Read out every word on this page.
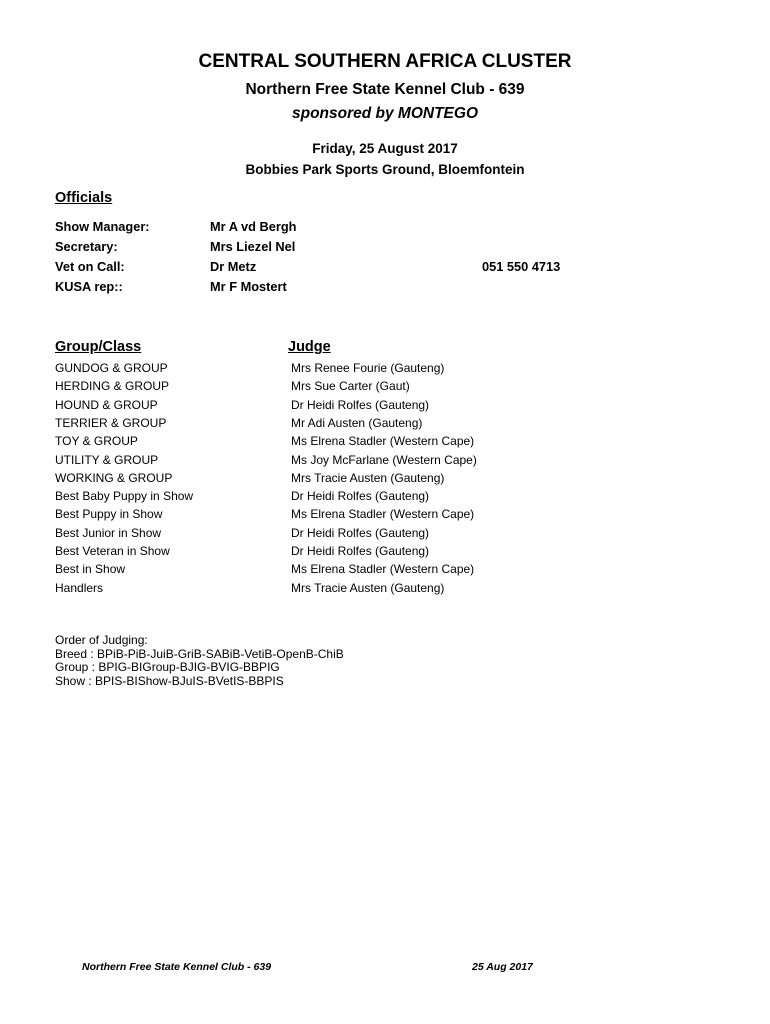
CENTRAL SOUTHERN AFRICA CLUSTER
Northern Free State Kennel Club - 639
sponsored by MONTEGO
Friday, 25 August 2017
Bobbies Park Sports Ground, Bloemfontein
Officials
Show Manager:	Mr A vd Bergh
Secretary:	Mrs Liezel Nel
Vet on Call:	Dr Metz	051 550 4713
KUSA rep::	Mr F Mostert
Group/Class	Judge
GUNDOG & GROUP	Mrs Renee Fourie (Gauteng)
HERDING & GROUP	Mrs Sue Carter (Gaut)
HOUND & GROUP	Dr Heidi Rolfes (Gauteng)
TERRIER & GROUP	Mr Adi Austen (Gauteng)
TOY & GROUP	Ms Elrena Stadler (Western Cape)
UTILITY & GROUP	Ms Joy McFarlane (Western Cape)
WORKING & GROUP	Mrs Tracie Austen (Gauteng)
Best Baby Puppy in Show	Dr Heidi Rolfes (Gauteng)
Best Puppy in Show	Ms Elrena Stadler (Western Cape)
Best Junior in Show	Dr Heidi Rolfes (Gauteng)
Best Veteran in Show	Dr Heidi Rolfes (Gauteng)
Best in Show	Ms Elrena Stadler (Western Cape)
Handlers	Mrs Tracie Austen (Gauteng)
Order of Judging:
Breed : BPiB-PiB-JuiB-GriB-SABiB-VetiB-OpenB-ChiB
Group : BPIG-BIGroup-BJIG-BVIG-BBPIG
Show : BPIS-BIShow-BJuIS-BVetIS-BBPIS
Northern Free State Kennel Club - 639	25 Aug 2017
